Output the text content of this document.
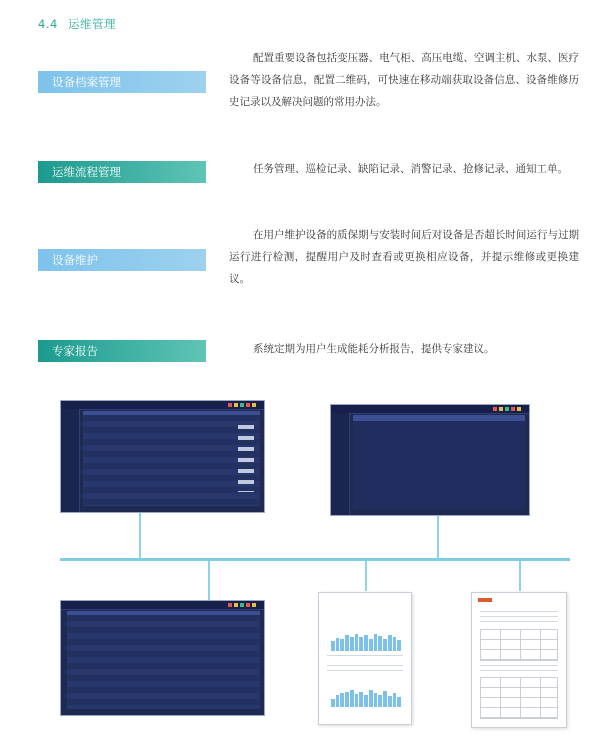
4.4 运维管理
设备档案管理
配置重要设备包括变压器、电气柜、高压电缆、空调主机、水泵、医疗设备等设备信息，配置二维码，可快速在移动端获取设备信息、设备维修历史记录以及解决问题的常用办法。
运维流程管理	任务管理、巡检记录、缺陷记录、消警记录、抢修记录、通知工单。
设备维护
在用户维护设备的质保期与安装时间后对设备是否超长时间运行与过期运行进行检测，提醒用户及时查看或更换相应设备，并提示维修或更换建议。
专家报告	系统定期为用户生成能耗分析报告，提供专家建议。
